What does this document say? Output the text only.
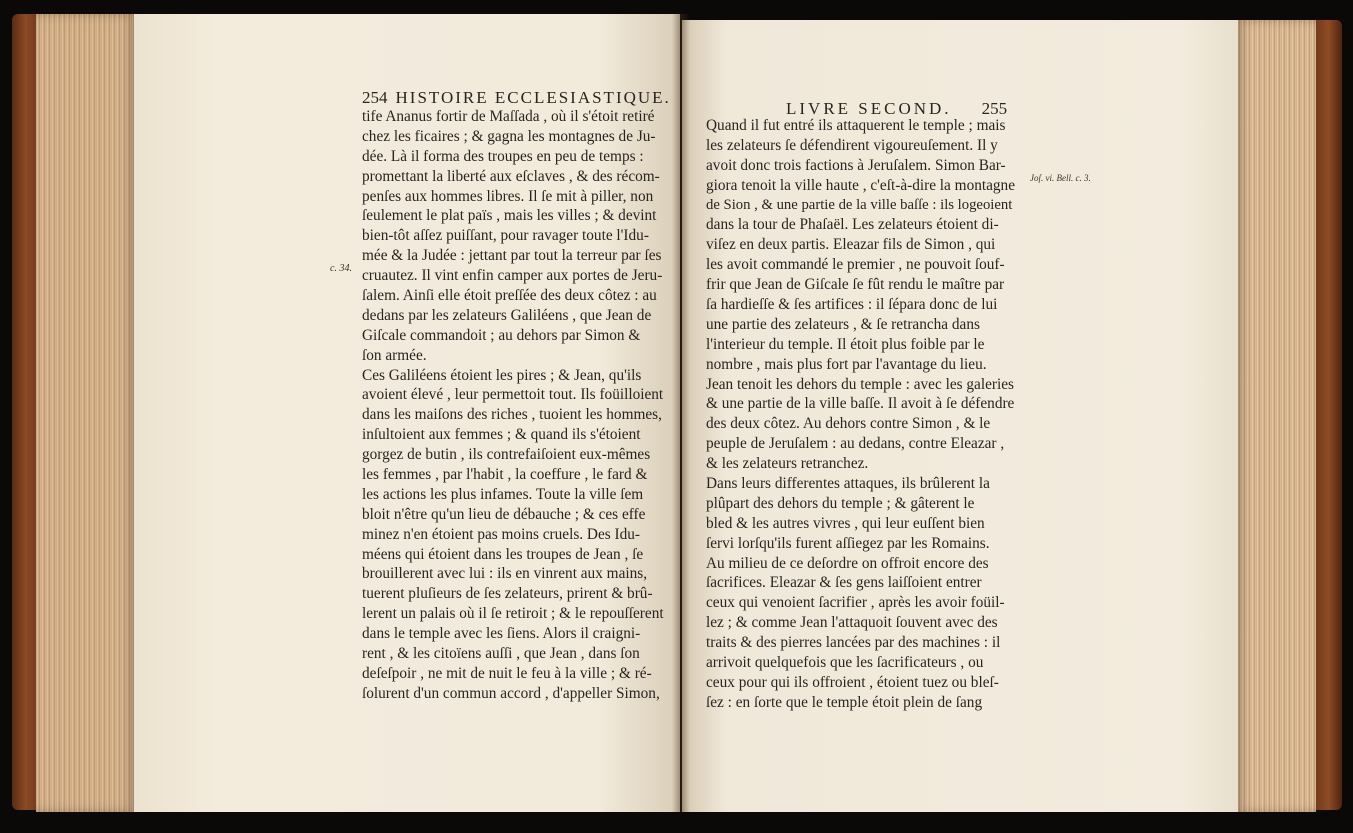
254 HISTOIRE ECCLESIASTIQUE.
LIVRE SECOND. 255
c. 34.
Joſ. vi. Bell. c. 3.
tife Ananus fortir de Maſſada , où il s'étoit retiré
chez les ficaires ; & gagna les montagnes de Ju-
dée. Là il forma des troupes en peu de temps :
promettant la liberté aux eſclaves , & des récom-
penſes aux hommes libres. Il ſe mit à piller, non
ſeulement le plat païs , mais les villes ; & devint
bien-tôt aſſez puiſſant, pour ravager toute l'Idu-
mée & la Judée : jettant par tout la terreur par ſes
cruautez. Il vint enfin camper aux portes de Jeru-
ſalem. Ainſi elle étoit preſſée des deux côtez : au
dedans par les zelateurs Galiléens , que Jean de
Giſcale commandoit ; au dehors par Simon &
ſon armée.
Ces Galiléens étoient les pires ; & Jean, qu'ils
avoient élevé , leur permettoit tout. Ils foüilloient
dans les maiſons des riches , tuoient les hommes,
inſultoient aux femmes ; & quand ils s'étoient
gorgez de butin , ils contrefaiſoient eux-mêmes
les femmes , par l'habit , la coeffure , le fard &
les actions les plus infames. Toute la ville ſem
bloit n'être qu'un lieu de débauche ; & ces effe
minez n'en étoient pas moins cruels. Des Idu-
méens qui étoient dans les troupes de Jean , ſe
brouillerent avec lui : ils en vinrent aux mains,
tuerent pluſieurs de ſes zelateurs, prirent & brû-
lerent un palais où il ſe retiroit ; & le repouſſerent
dans le temple avec les ſiens. Alors il craigni-
rent , & les citoïens auſſi , que Jean , dans ſon
deſeſpoir , ne mit de nuit le feu à la ville ; & ré-
ſolurent d'un commun accord , d'appeller Simon,
Quand il fut entré ils attaquerent le temple ; mais
les zelateurs ſe défendirent vigoureuſement. Il y
avoit donc trois factions à Jeruſalem. Simon Bar-
giora tenoit la ville haute , c'eſt-à-dire la montagne
de Sion , & une partie de la ville baſſe : ils logeoient
dans la tour de Phaſaël. Les zelateurs étoient di-
viſez en deux partis. Eleazar fils de Simon , qui
les avoit commandé le premier , ne pouvoit ſouf-
frir que Jean de Giſcale ſe fût rendu le maître par
ſa hardieſſe & ſes artifices : il ſépara donc de lui
une partie des zelateurs , & ſe retrancha dans
l'interieur du temple. Il étoit plus foible par le
nombre , mais plus fort par l'avantage du lieu.
Jean tenoit les dehors du temple : avec les galeries
& une partie de la ville baſſe. Il avoit à ſe défendre
des deux côtez. Au dehors contre Simon , & le
peuple de Jeruſalem : au dedans, contre Eleazar ,
& les zelateurs retranchez.
Dans leurs differentes attaques, ils brûlerent la
plûpart des dehors du temple ; & gâterent le
bled & les autres vivres , qui leur euſſent bien
ſervi lorſqu'ils furent aſſiegez par les Romains.
Au milieu de ce deſordre on offroit encore des
ſacrifices. Eleazar & ſes gens laiſſoient entrer
ceux qui venoient ſacrifier , après les avoir foüil-
lez ; & comme Jean l'attaquoit ſouvent avec des
traits & des pierres lancées par des machines : il
arrivoit quelquefois que les ſacrificateurs , ou
ceux pour qui ils offroient , étoient tuez ou bleſ-
ſez : en ſorte que le temple étoit plein de ſang
